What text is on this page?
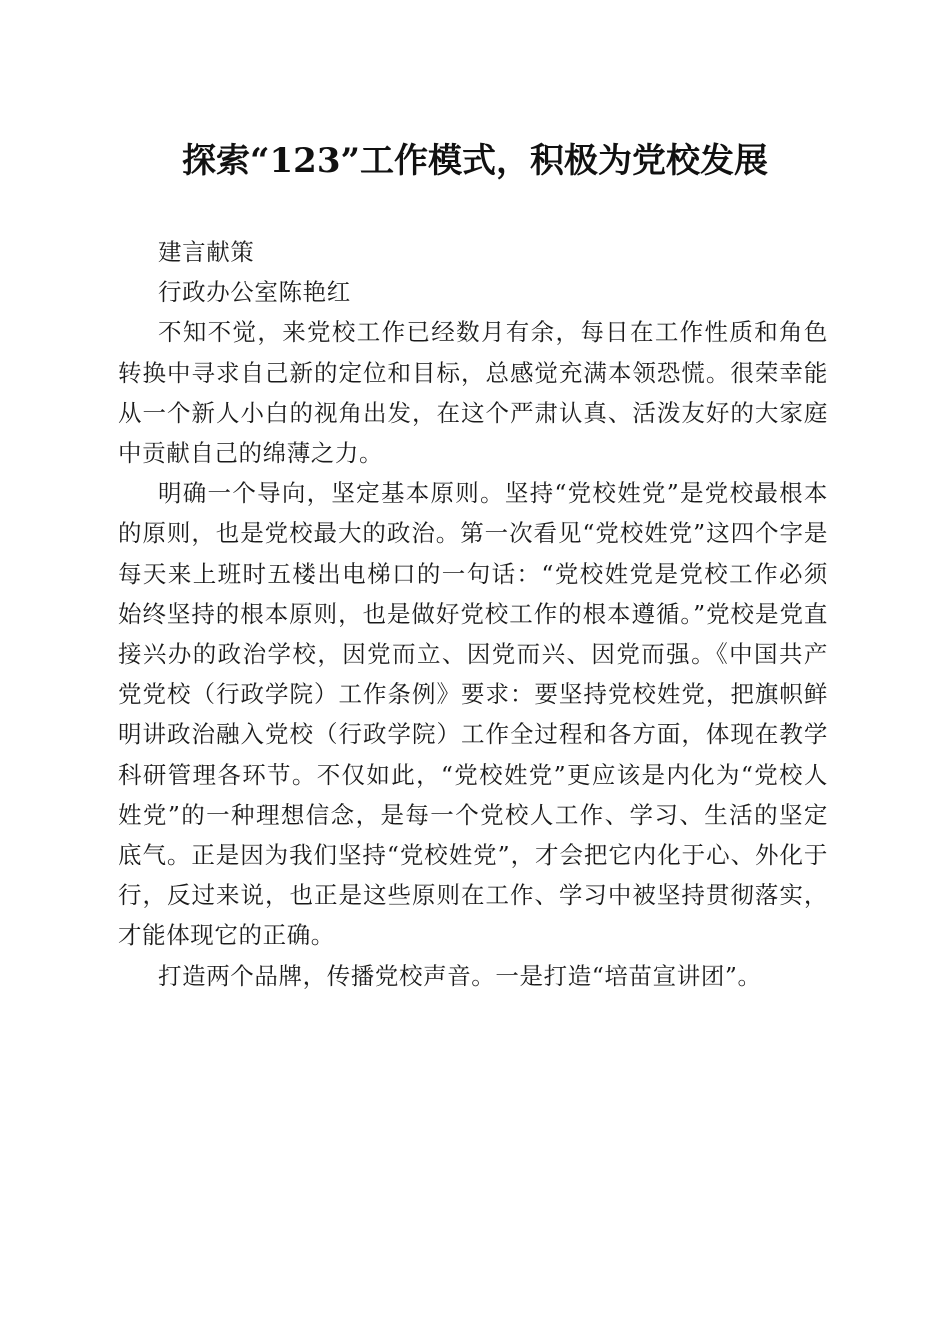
探索“123”工作模式，积极为党校发展

建言献策

行政办公室陈艳红

不知不觉，来党校工作已经数月有余，每日在工作性质和角色转换中寻求自己新的定位和目标，总感觉充满本领恐慌。很荣幸能从一个新人小白的视角出发，在这个严肃认真、活泼友好的大家庭中贡献自己的绵薄之力。

明确一个导向，坚定基本原则。坚持“党校姓党”是党校最根本的原则，也是党校最大的政治。第一次看见“党校姓党”这四个字是每天来上班时五楼出电梯口的一句话：“党校姓党是党校工作必须始终坚持的根本原则，也是做好党校工作的根本遵循。”党校是党直接兴办的政治学校，因党而立、因党而兴、因党而强。《中国共产党党校（行政学院）工作条例》要求：要坚持党校姓党，把旗帜鲜明讲政治融入党校（行政学院）工作全过程和各方面，体现在教学科研管理各环节。不仅如此，“党校姓党”更应该是内化为“党校人姓党”的一种理想信念，是每一个党校人工作、学习、生活的坚定底气。正是因为我们坚持“党校姓党”，才会把它内化于心、外化于行，反过来说，也正是这些原则在工作、学习中被坚持贯彻落实，才能体现它的正确。

打造两个品牌，传播党校声音。一是打造“培苗宣讲团”。
